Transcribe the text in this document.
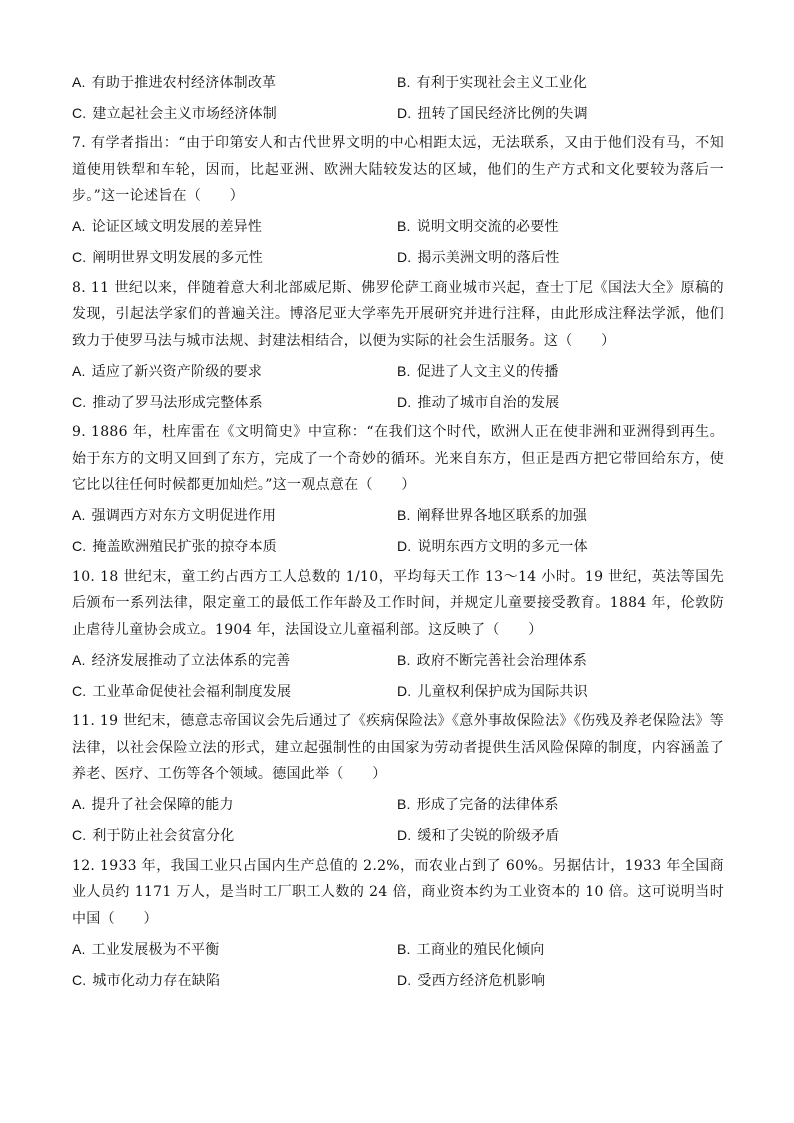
A. 有助于推进农村经济体制改革	B. 有利于实现社会主义工业化
C. 建立起社会主义市场经济体制	D. 扭转了国民经济比例的失调
7. 有学者指出：“由于印第安人和古代世界文明的中心相距太远，无法联系，又由于他们没有马，不知道使用铁犁和车轮，因而，比起亚洲、欧洲大陆较发达的区域，他们的生产方式和文化要较为落后一步。”这一论述旨在（　　）
A. 论证区域文明发展的差异性	B. 说明文明交流的必要性
C. 阐明世界文明发展的多元性	D. 揭示美洲文明的落后性
8. 11 世纪以来，伴随着意大利北部威尼斯、佛罗伦萨工商业城市兴起，查士丁尼《国法大全》原稿的发现，引起法学家们的普遍关注。博洛尼亚大学率先开展研究并进行注释，由此形成注释法学派，他们致力于使罗马法与城市法规、封建法相结合，以便为实际的社会生活服务。这（　　）
A. 适应了新兴资产阶级的要求	B. 促进了人文主义的传播
C. 推动了罗马法形成完整体系	D. 推动了城市自治的发展
9. 1886 年，杜库雷在《文明简史》中宣称：“在我们这个时代，欧洲人正在使非洲和亚洲得到再生。始于东方的文明又回到了东方，完成了一个奇妙的循环。光来自东方，但正是西方把它带回给东方，使它比以往任何时候都更加灿烂。”这一观点意在（　　）
A. 强调西方对东方文明促进作用	B. 阐释世界各地区联系的加强
C. 掩盖欧洲殖民扩张的掠夺本质	D. 说明东西方文明的多元一体
10. 18 世纪末，童工约占西方工人总数的 1/10，平均每天工作 13～14 小时。19 世纪，英法等国先后颁布一系列法律，限定童工的最低工作年龄及工作时间，并规定儿童要接受教育。1884 年，伦敦防止虐待儿童协会成立。1904 年，法国设立儿童福利部。这反映了（　　）
A. 经济发展推动了立法体系的完善	B. 政府不断完善社会治理体系
C. 工业革命促使社会福利制度发展	D. 儿童权利保护成为国际共识
11. 19 世纪末，德意志帝国议会先后通过了《疾病保险法》《意外事故保险法》《伤残及养老保险法》等法律，以社会保险立法的形式，建立起强制性的由国家为劳动者提供生活风险保障的制度，内容涵盖了养老、医疗、工伤等各个领域。德国此举（　　）
A. 提升了社会保障的能力	B. 形成了完备的法律体系
C. 利于防止社会贫富分化	D. 缓和了尖锐的阶级矛盾
12. 1933 年，我国工业只占国内生产总值的 2.2%，而农业占到了 60%。另据估计，1933 年全国商业人员约 1171 万人，是当时工厂职工人数的 24 倍，商业资本约为工业资本的 10 倍。这可说明当时中国（　　）
A. 工业发展极为不平衡	B. 工商业的殖民化倾向
C. 城市化动力存在缺陷	D. 受西方经济危机影响
